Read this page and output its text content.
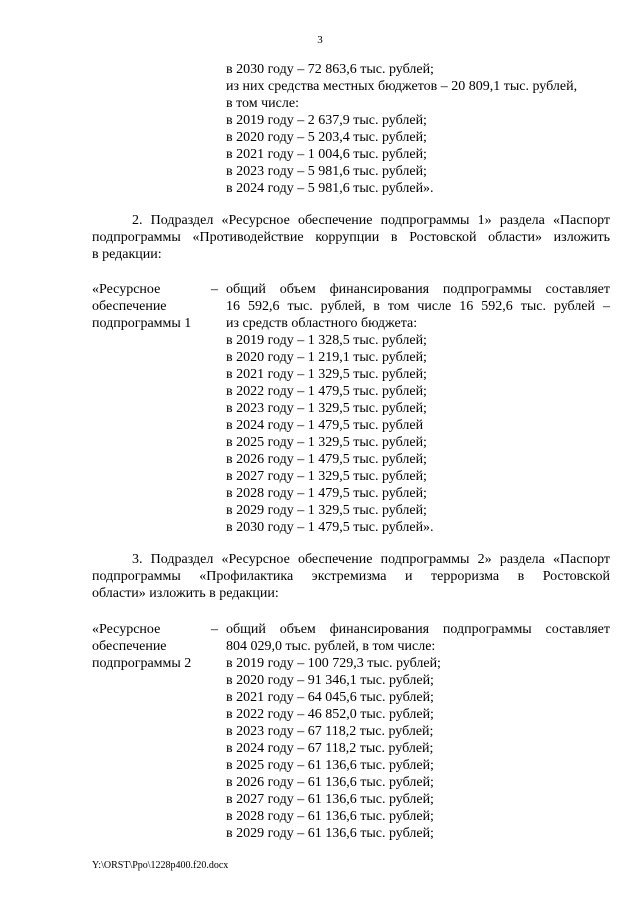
3
в 2030 году – 72 863,6 тыс. рублей;
из них средства местных бюджетов – 20 809,1 тыс. рублей,
в том числе:
в 2019 году – 2 637,9 тыс. рублей;
в 2020 году – 5 203,4 тыс. рублей;
в 2021 году – 1 004,6 тыс. рублей;
в 2023 году – 5 981,6 тыс. рублей;
в 2024 году – 5 981,6 тыс. рублей».
2. Подраздел «Ресурсное обеспечение подпрограммы 1» раздела «Паспорт
подпрограммы «Противодействие коррупции в Ростовской области» изложить
в редакции:
«Ресурсное
обеспечение
подпрограммы 1
– общий объем финансирования подпрограммы составляет
16 592,6 тыс. рублей, в том числе 16 592,6 тыс. рублей –
из средств областного бюджета:
в 2019 году – 1 328,5 тыс. рублей;
в 2020 году – 1 219,1 тыс. рублей;
в 2021 году – 1 329,5 тыс. рублей;
в 2022 году – 1 479,5 тыс. рублей;
в 2023 году – 1 329,5 тыс. рублей;
в 2024 году – 1 479,5 тыс. рублей
в 2025 году – 1 329,5 тыс. рублей;
в 2026 году – 1 479,5 тыс. рублей;
в 2027 году – 1 329,5 тыс. рублей;
в 2028 году – 1 479,5 тыс. рублей;
в 2029 году – 1 329,5 тыс. рублей;
в 2030 году – 1 479,5 тыс. рублей».
3. Подраздел «Ресурсное обеспечение подпрограммы 2» раздела «Паспорт
подпрограммы «Профилактика экстремизма и терроризма в Ростовской
области» изложить в редакции:
«Ресурсное
обеспечение
подпрограммы 2
– общий объем финансирования подпрограммы составляет
804 029,0 тыс. рублей, в том числе:
в 2019 году – 100 729,3 тыс. рублей;
в 2020 году – 91 346,1 тыс. рублей;
в 2021 году – 64 045,6 тыс. рублей;
в 2022 году – 46 852,0 тыс. рублей;
в 2023 году – 67 118,2 тыс. рублей;
в 2024 году – 67 118,2 тыс. рублей;
в 2025 году – 61 136,6 тыс. рублей;
в 2026 году – 61 136,6 тыс. рублей;
в 2027 году – 61 136,6 тыс. рублей;
в 2028 году – 61 136,6 тыс. рублей;
в 2029 году – 61 136,6 тыс. рублей;
Y:\ORST\Ppo\1228p400.f20.docx
